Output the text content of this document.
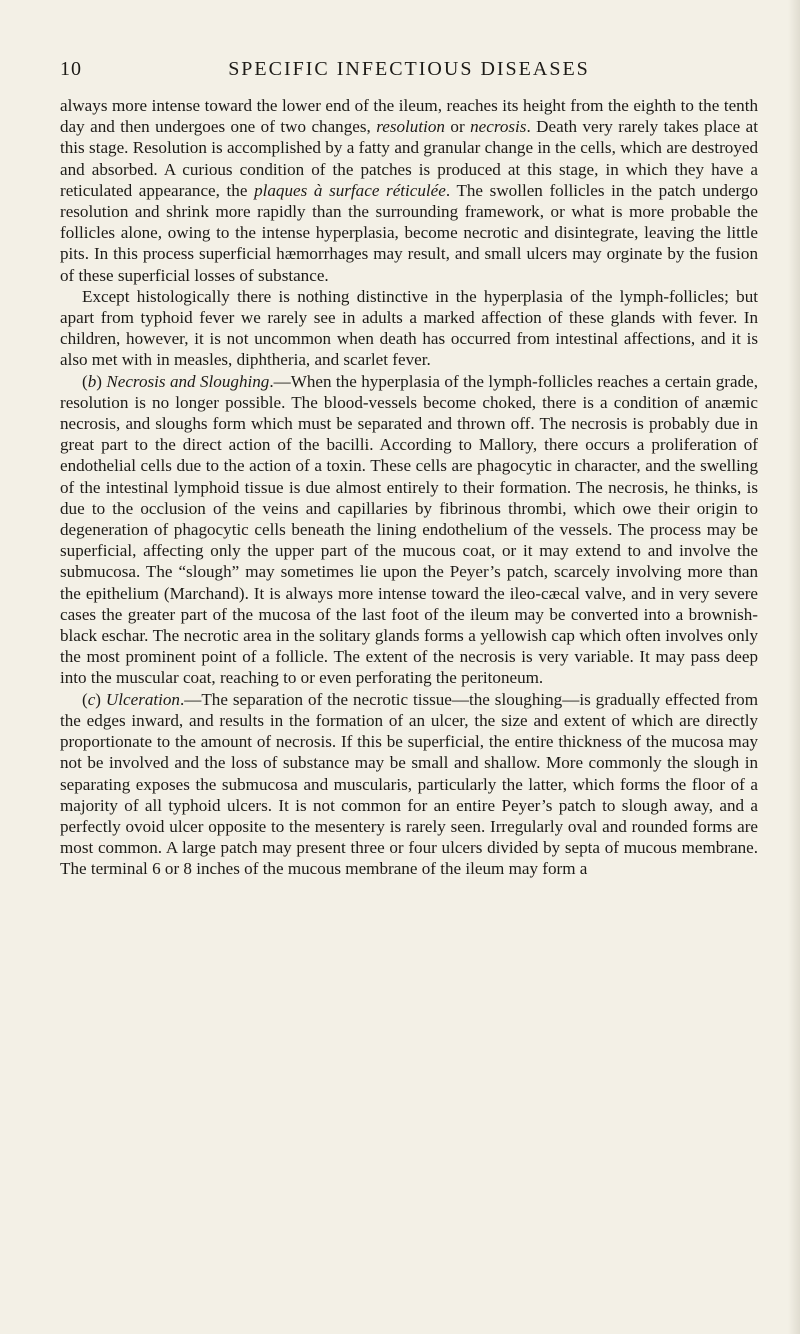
10	SPECIFIC INFECTIOUS DISEASES

always more intense toward the lower end of the ileum, reaches its height from the eighth to the tenth day and then undergoes one of two changes, resolution or necrosis. Death very rarely takes place at this stage. Resolution is accomplished by a fatty and granular change in the cells, which are destroyed and absorbed. A curious condition of the patches is produced at this stage, in which they have a reticulated appearance, the plaques à surface réticulée. The swollen follicles in the patch undergo resolution and shrink more rapidly than the surrounding framework, or what is more probable the follicles alone, owing to the intense hyperplasia, become necrotic and disintegrate, leaving the little pits. In this process superficial hæmorrhages may result, and small ulcers may orginate by the fusion of these superficial losses of substance.

Except histologically there is nothing distinctive in the hyperplasia of the lymph-follicles; but apart from typhoid fever we rarely see in adults a marked affection of these glands with fever. In children, however, it is not uncommon when death has occurred from intestinal affections, and it is also met with in measles, diphtheria, and scarlet fever.

(b) Necrosis and Sloughing.—When the hyperplasia of the lymph-follicles reaches a certain grade, resolution is no longer possible. The blood-vessels become choked, there is a condition of anæmic necrosis, and sloughs form which must be separated and thrown off. The necrosis is probably due in great part to the direct action of the bacilli. According to Mallory, there occurs a proliferation of endothelial cells due to the action of a toxin. These cells are phagocytic in character, and the swelling of the intestinal lymphoid tissue is due almost entirely to their formation. The necrosis, he thinks, is due to the occlusion of the veins and capillaries by fibrinous thrombi, which owe their origin to degeneration of phagocytic cells beneath the lining endothelium of the vessels. The process may be superficial, affecting only the upper part of the mucous coat, or it may extend to and involve the submucosa. The “slough” may sometimes lie upon the Peyer’s patch, scarcely involving more than the epithelium (Marchand). It is always more intense toward the ileo-cæcal valve, and in very severe cases the greater part of the mucosa of the last foot of the ileum may be converted into a brownish-black eschar. The necrotic area in the solitary glands forms a yellowish cap which often involves only the most prominent point of a follicle. The extent of the necrosis is very variable. It may pass deep into the muscular coat, reaching to or even perforating the peritoneum.

(c) Ulceration.—The separation of the necrotic tissue—the sloughing—is gradually effected from the edges inward, and results in the formation of an ulcer, the size and extent of which are directly proportionate to the amount of necrosis. If this be superficial, the entire thickness of the mucosa may not be involved and the loss of substance may be small and shallow. More commonly the slough in separating exposes the submucosa and muscularis, particularly the latter, which forms the floor of a majority of all typhoid ulcers. It is not common for an entire Peyer’s patch to slough away, and a perfectly ovoid ulcer opposite to the mesentery is rarely seen. Irregularly oval and rounded forms are most common. A large patch may present three or four ulcers divided by septa of mucous membrane. The terminal 6 or 8 inches of the mucous membrane of the ileum may form a
